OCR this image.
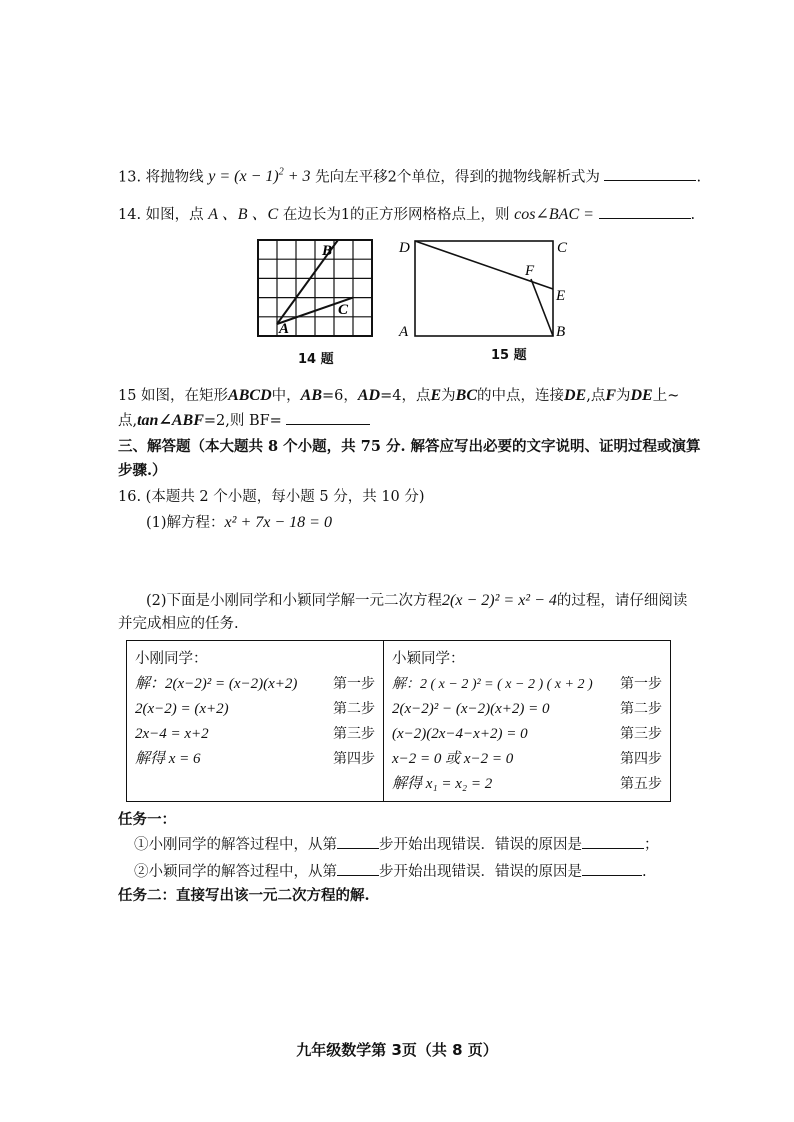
13. 将抛物线 $y = (x - 1)^2 + 3$ 先向左平移2个单位，得到的抛物线解析式为	.
14. 如图，点 A 、B 、C 在边长为1的正方形网格格点上，则 cos∠BAC =	.
A
B
C
14 题
D	C
F
E
A	B
15 题
15 如图，在矩形ABCD中，AB=6，AD=4，点E为BC的中点，连接DE,点F为DE上~
点,tan∠ABF=2,则 BF=
三、解答题（本大题共 8 个小题，共 75 分. 解答应写出必要的文字说明、证明过程或演算
步骤.）
16. (本题共 2 个小题，每小题 5 分，共 10 分)
(1)解方程：x² + 7x − 18 = 0
(2)下面是小刚同学和小颖同学解一元二次方程2(x − 2)² = x² − 4的过程，请仔细阅读
并完成相应的任务.
小刚同学：
解：2(x−2)² = (x−2)(x+2)	第一步
2(x−2) = (x+2)	第二步
2x−4 = x+2	第三步
解得 x = 6	第四步

小颖同学：
解：2 ( x − 2 )² = ( x − 2 ) ( x + 2 ) 第一步
2(x−2)² − (x−2)(x+2) = 0	第二步
(x−2)(2x−4−x+2) = 0	第三步
x−2 = 0 或 x−2 = 0	第四步
解得 x₁ = x₂ = 2	第五步
任务一：
①小刚同学的解答过程中，从第	步开始出现错误．错误的原因是	；
②小颖同学的解答过程中，从第	步开始出现错误．错误的原因是	.
任务二：直接写出该一元二次方程的解.
九年级数学第 3页（共 8 页）
